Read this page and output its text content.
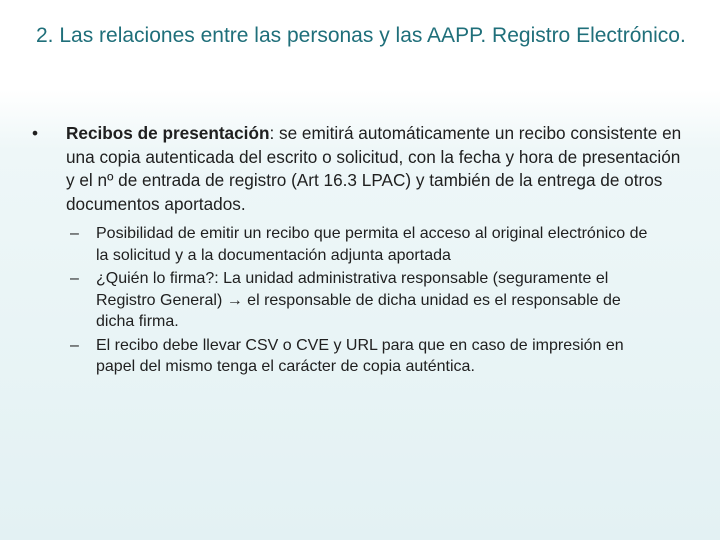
2. Las relaciones entre las personas y las AAPP. Registro Electrónico.
•	Recibos de presentación: se emitirá automáticamente un recibo consistente en una copia autenticada del escrito o solicitud, con la fecha y hora de presentación y el nº de entrada de registro (Art 16.3 LPAC) y también de la entrega de otros documentos aportados.
–	Posibilidad de emitir un recibo que permita el acceso al original electrónico de la solicitud y a la documentación adjunta aportada
–	¿Quién lo firma?: La unidad administrativa responsable (seguramente el Registro General) → el responsable de dicha unidad es el responsable de dicha firma.
–	El recibo debe llevar CSV o CVE y URL para que en caso de impresión en papel del mismo tenga el carácter de copia auténtica.
